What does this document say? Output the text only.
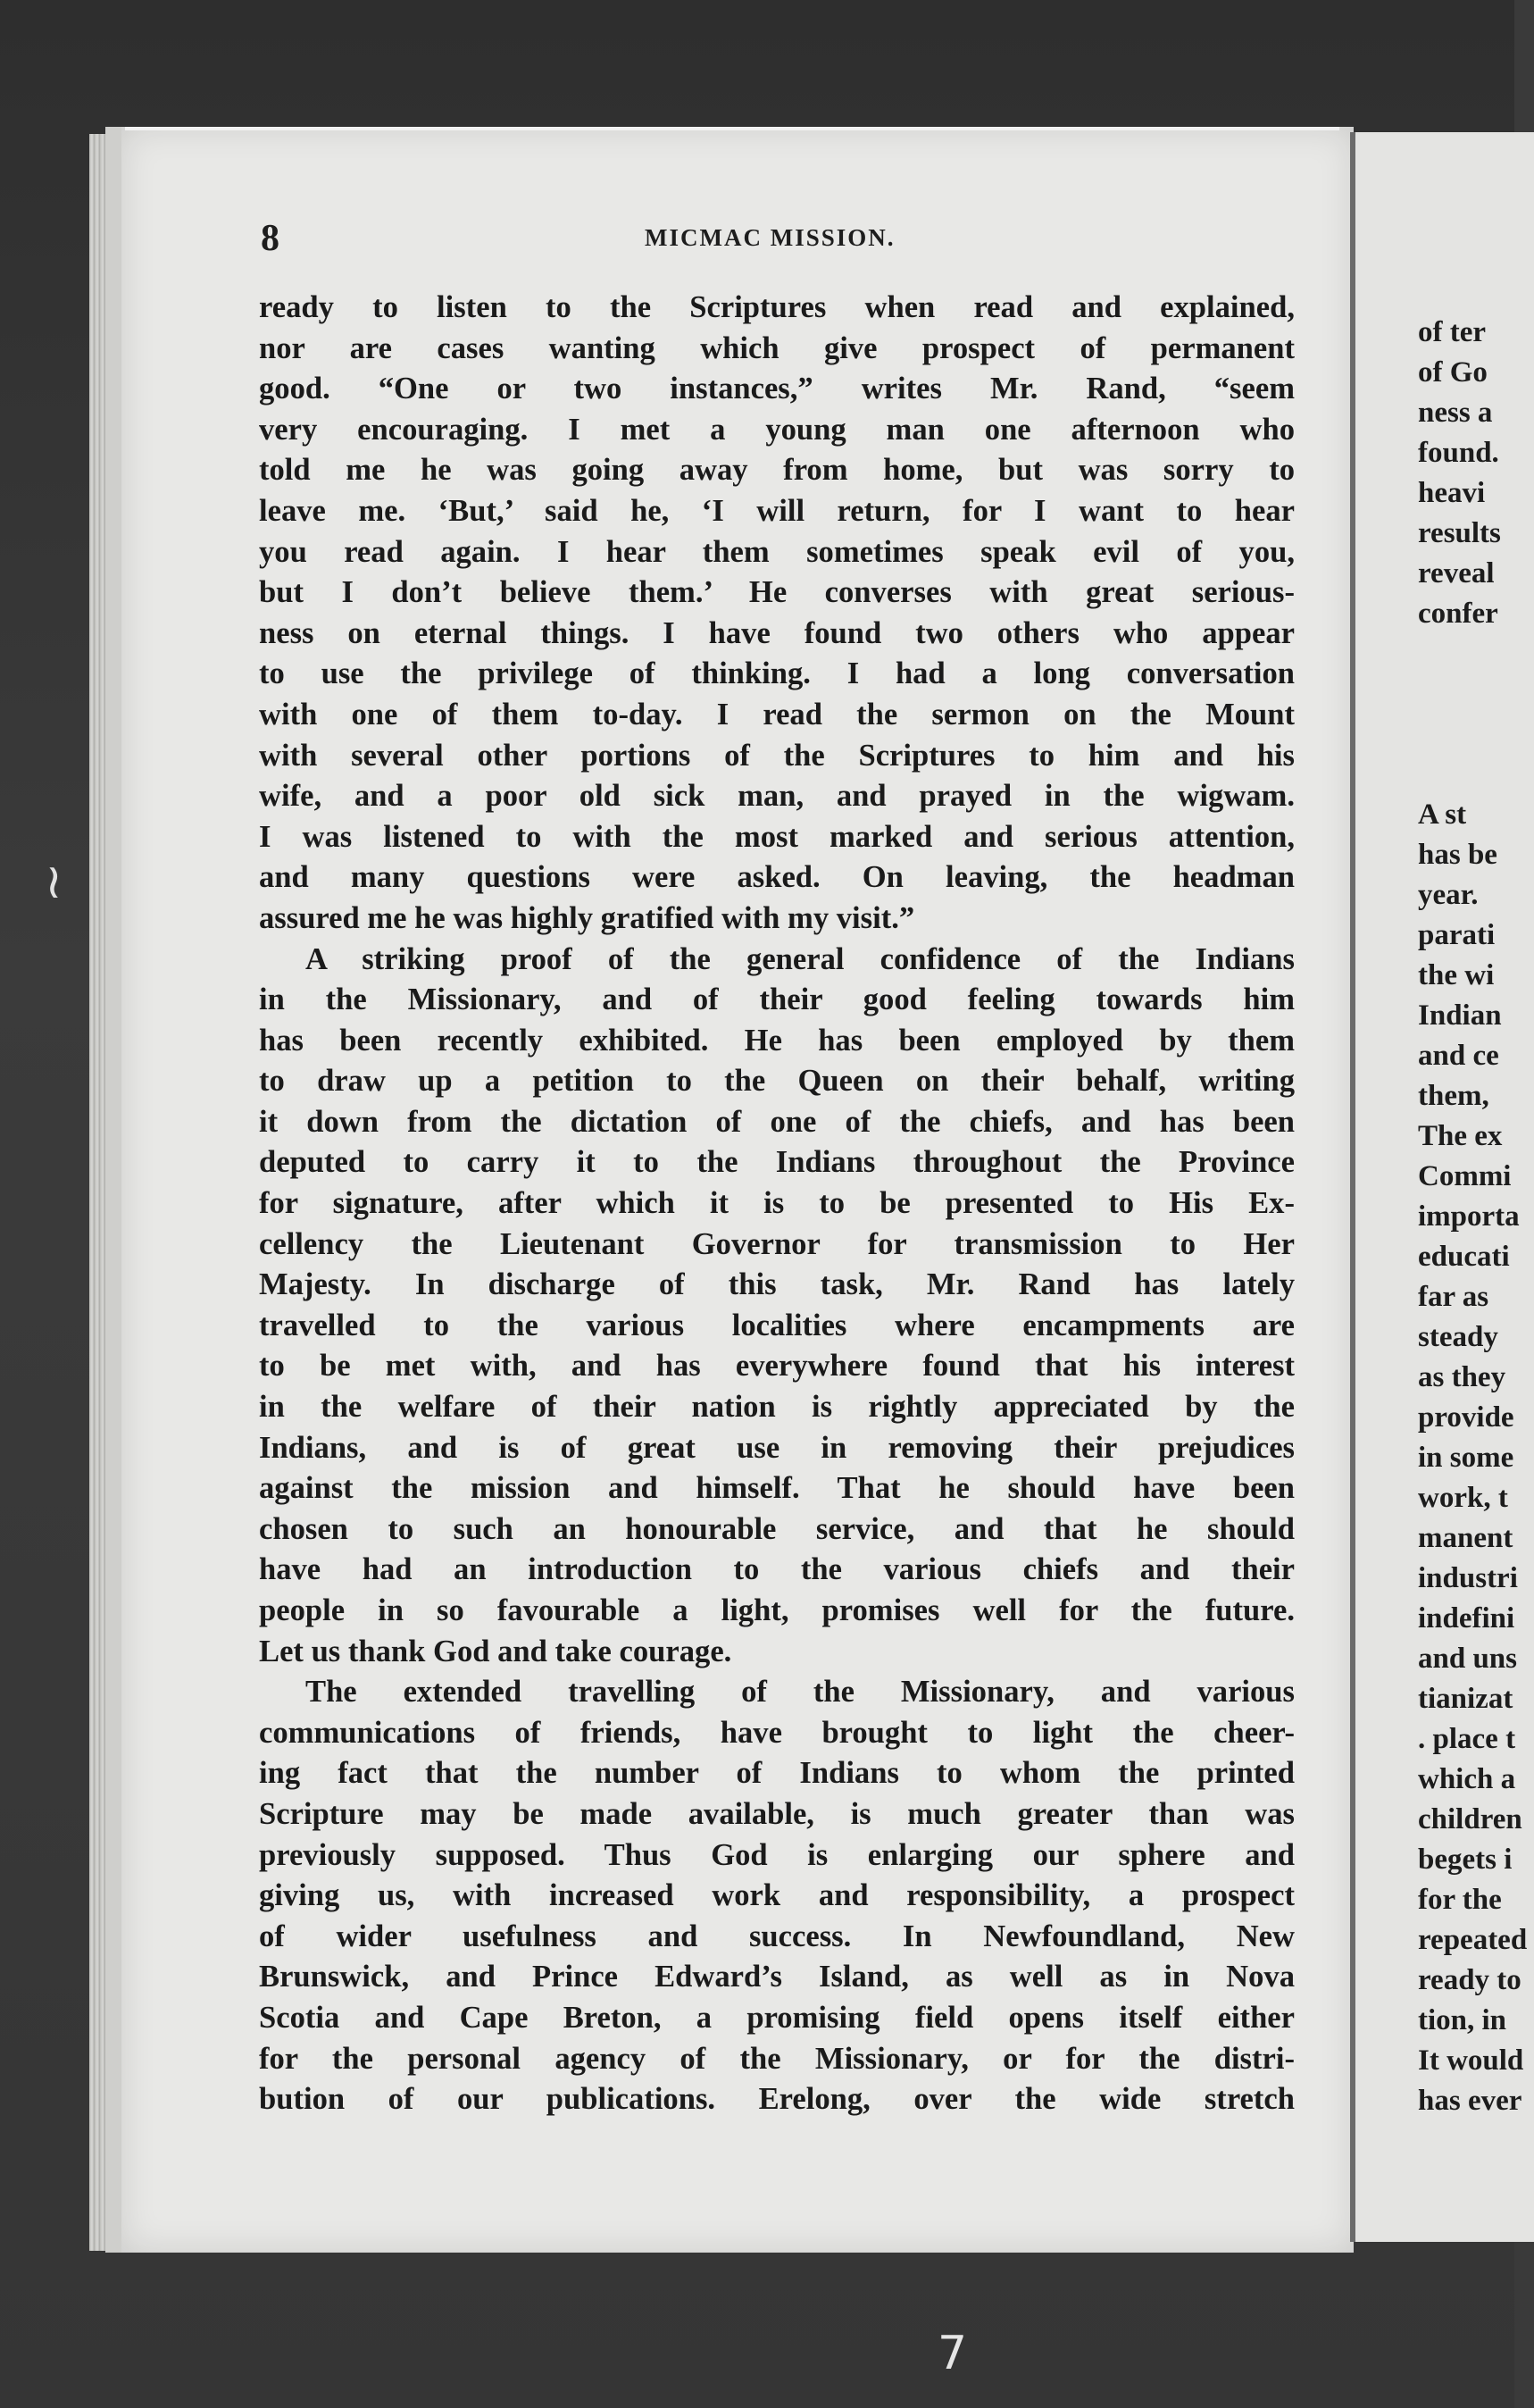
8	MICMAC MISSION.
ready to listen to the Scriptures when read and explained,
nor are cases wanting which give prospect of permanent
good. “One or two instances,” writes Mr. Rand, “seem
very encouraging. I met a young man one afternoon who
told me he was going away from home, but was sorry to
leave me. ‘But,’ said he, ‘I will return, for I want to hear
you read again. I hear them sometimes speak evil of you,
but I don’t believe them.’ He converses with great serious-
ness on eternal things. I have found two others who appear
to use the privilege of thinking. I had a long conversation
with one of them to-day. I read the sermon on the Mount
with several other portions of the Scriptures to him and his
wife, and a poor old sick man, and prayed in the wigwam.
I was listened to with the most marked and serious attention,
and many questions were asked. On leaving, the headman
assured me he was highly gratified with my visit.”
A striking proof of the general confidence of the Indians
in the Missionary, and of their good feeling towards him
has been recently exhibited. He has been employed by them
to draw up a petition to the Queen on their behalf, writing
it down from the dictation of one of the chiefs, and has been
deputed to carry it to the Indians throughout the Province
for signature, after which it is to be presented to His Ex-
cellency the Lieutenant Governor for transmission to Her
Majesty. In discharge of this task, Mr. Rand has lately
travelled to the various localities where encampments are
to be met with, and has everywhere found that his interest
in the welfare of their nation is rightly appreciated by the
Indians, and is of great use in removing their prejudices
against the mission and himself. That he should have been
chosen to such an honourable service, and that he should
have had an introduction to the various chiefs and their
people in so favourable a light, promises well for the future.
Let us thank God and take courage.
The extended travelling of the Missionary, and various
communications of friends, have brought to light the cheer-
ing fact that the number of Indians to whom the printed
Scripture may be made available, is much greater than was
previously supposed. Thus God is enlarging our sphere and
giving us, with increased work and responsibility, a prospect
of wider usefulness and success. In Newfoundland, New
Brunswick, and Prince Edward’s Island, as well as in Nova
Scotia and Cape Breton, a promising field opens itself either
for the personal agency of the Missionary, or for the distri-
bution of our publications. Erelong, over the wide stretch
of ter
of Go
ness a
found.
heavi
results
reveal
confer
A st
has be
year.
parati
the wi
Indian
and ce
them,
The ex
Commi
importa
educati
far as
steady
as they
provide
in some
work, t
manent
industri
indefini
and uns
tianizat
. place t
which a
children
begets i
for the
repeated
ready to
tion, in
It would
has ever
≀
7
